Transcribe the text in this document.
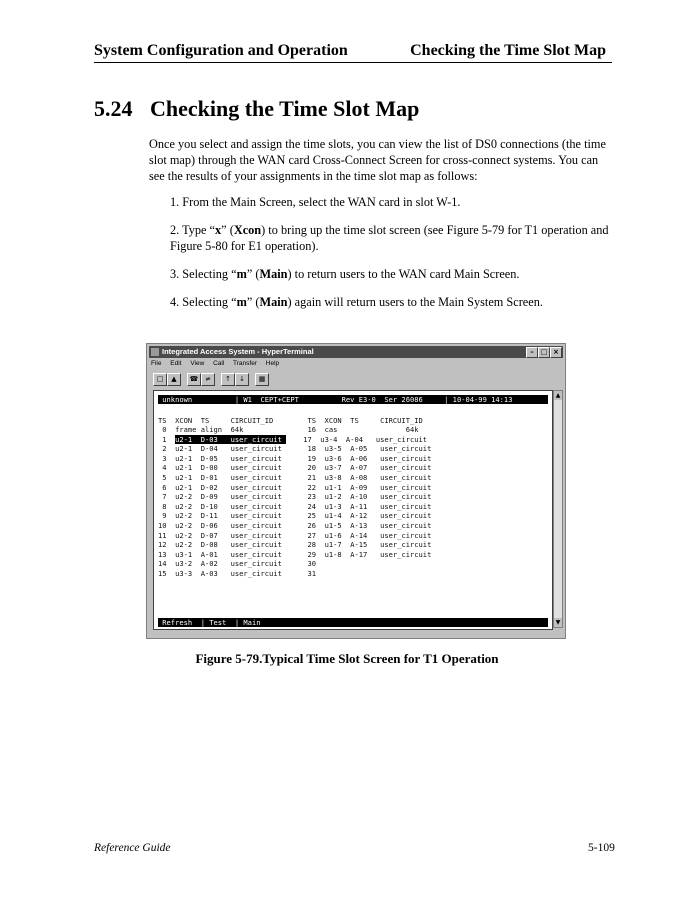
System Configuration and Operation	Checking the Time Slot Map
5.24 Checking the Time Slot Map
Once you select and assign the time slots, you can view the list of DS0 connections (the time slot map) through the WAN card Cross-Connect Screen for cross-connect systems. You can see the results of your assignments in the time slot map as follows:
1. From the Main Screen, select the WAN card in slot W-1.
2. Type “x” (Xcon) to bring up the time slot screen (see Figure 5-79 for T1 operation and Figure 5-80 for E1 operation).
3. Selecting “m” (Main) to return users to the WAN card Main Screen.
4. Selecting “m” (Main) again will return users to the Main System Screen.
Integrated Access System - HyperTerminal	– □ ×
File Edit View Call Transfer Help
□	▲	☎ ≠	↑	↓	▦
unknown          | W1  CEPT+CEPT          Rev E3-0  Ser 26086     | 10-04-99 14:13
TS  XCON  TS     CIRCUIT_ID        TS  XCON  TS     CIRCUIT_ID
0  frame align  64k               16  cas                64k
1  u2-1  D-03   user_circuit     17  u3-4  A-04   user_circuit
2  u2-1  D-04   user_circuit      18  u3-5  A-05   user_circuit
3  u2-1  D-05   user_circuit      19  u3-6  A-06   user_circuit
4  u2-1  D-00   user_circuit      20  u3-7  A-07   user_circuit
5  u2-1  D-01   user_circuit      21  u3-8  A-08   user_circuit
6  u2-1  D-02   user_circuit      22  u1-1  A-09   user_circuit
7  u2-2  D-09   user_circuit      23  u1-2  A-10   user_circuit
8  u2-2  D-10   user_circuit      24  u1-3  A-11   user_circuit
9  u2-2  D-11   user_circuit      25  u1-4  A-12   user_circuit
10  u2-2  D-06   user_circuit      26  u1-5  A-13   user_circuit
11  u2-2  D-07   user_circuit      27  u1-6  A-14   user_circuit
12  u2-2  D-08   user_circuit      28  u1-7  A-15   user_circuit
13  u3-1  A-01   user_circuit      29  u1-8  A-17   user_circuit
14  u3-2  A-02   user_circuit      30
15  u3-3  A-03   user_circuit      31
Refresh  | Test  | Main
▲
▼
Figure 5-79.Typical Time Slot Screen for T1 Operation
Reference Guide	5-109
